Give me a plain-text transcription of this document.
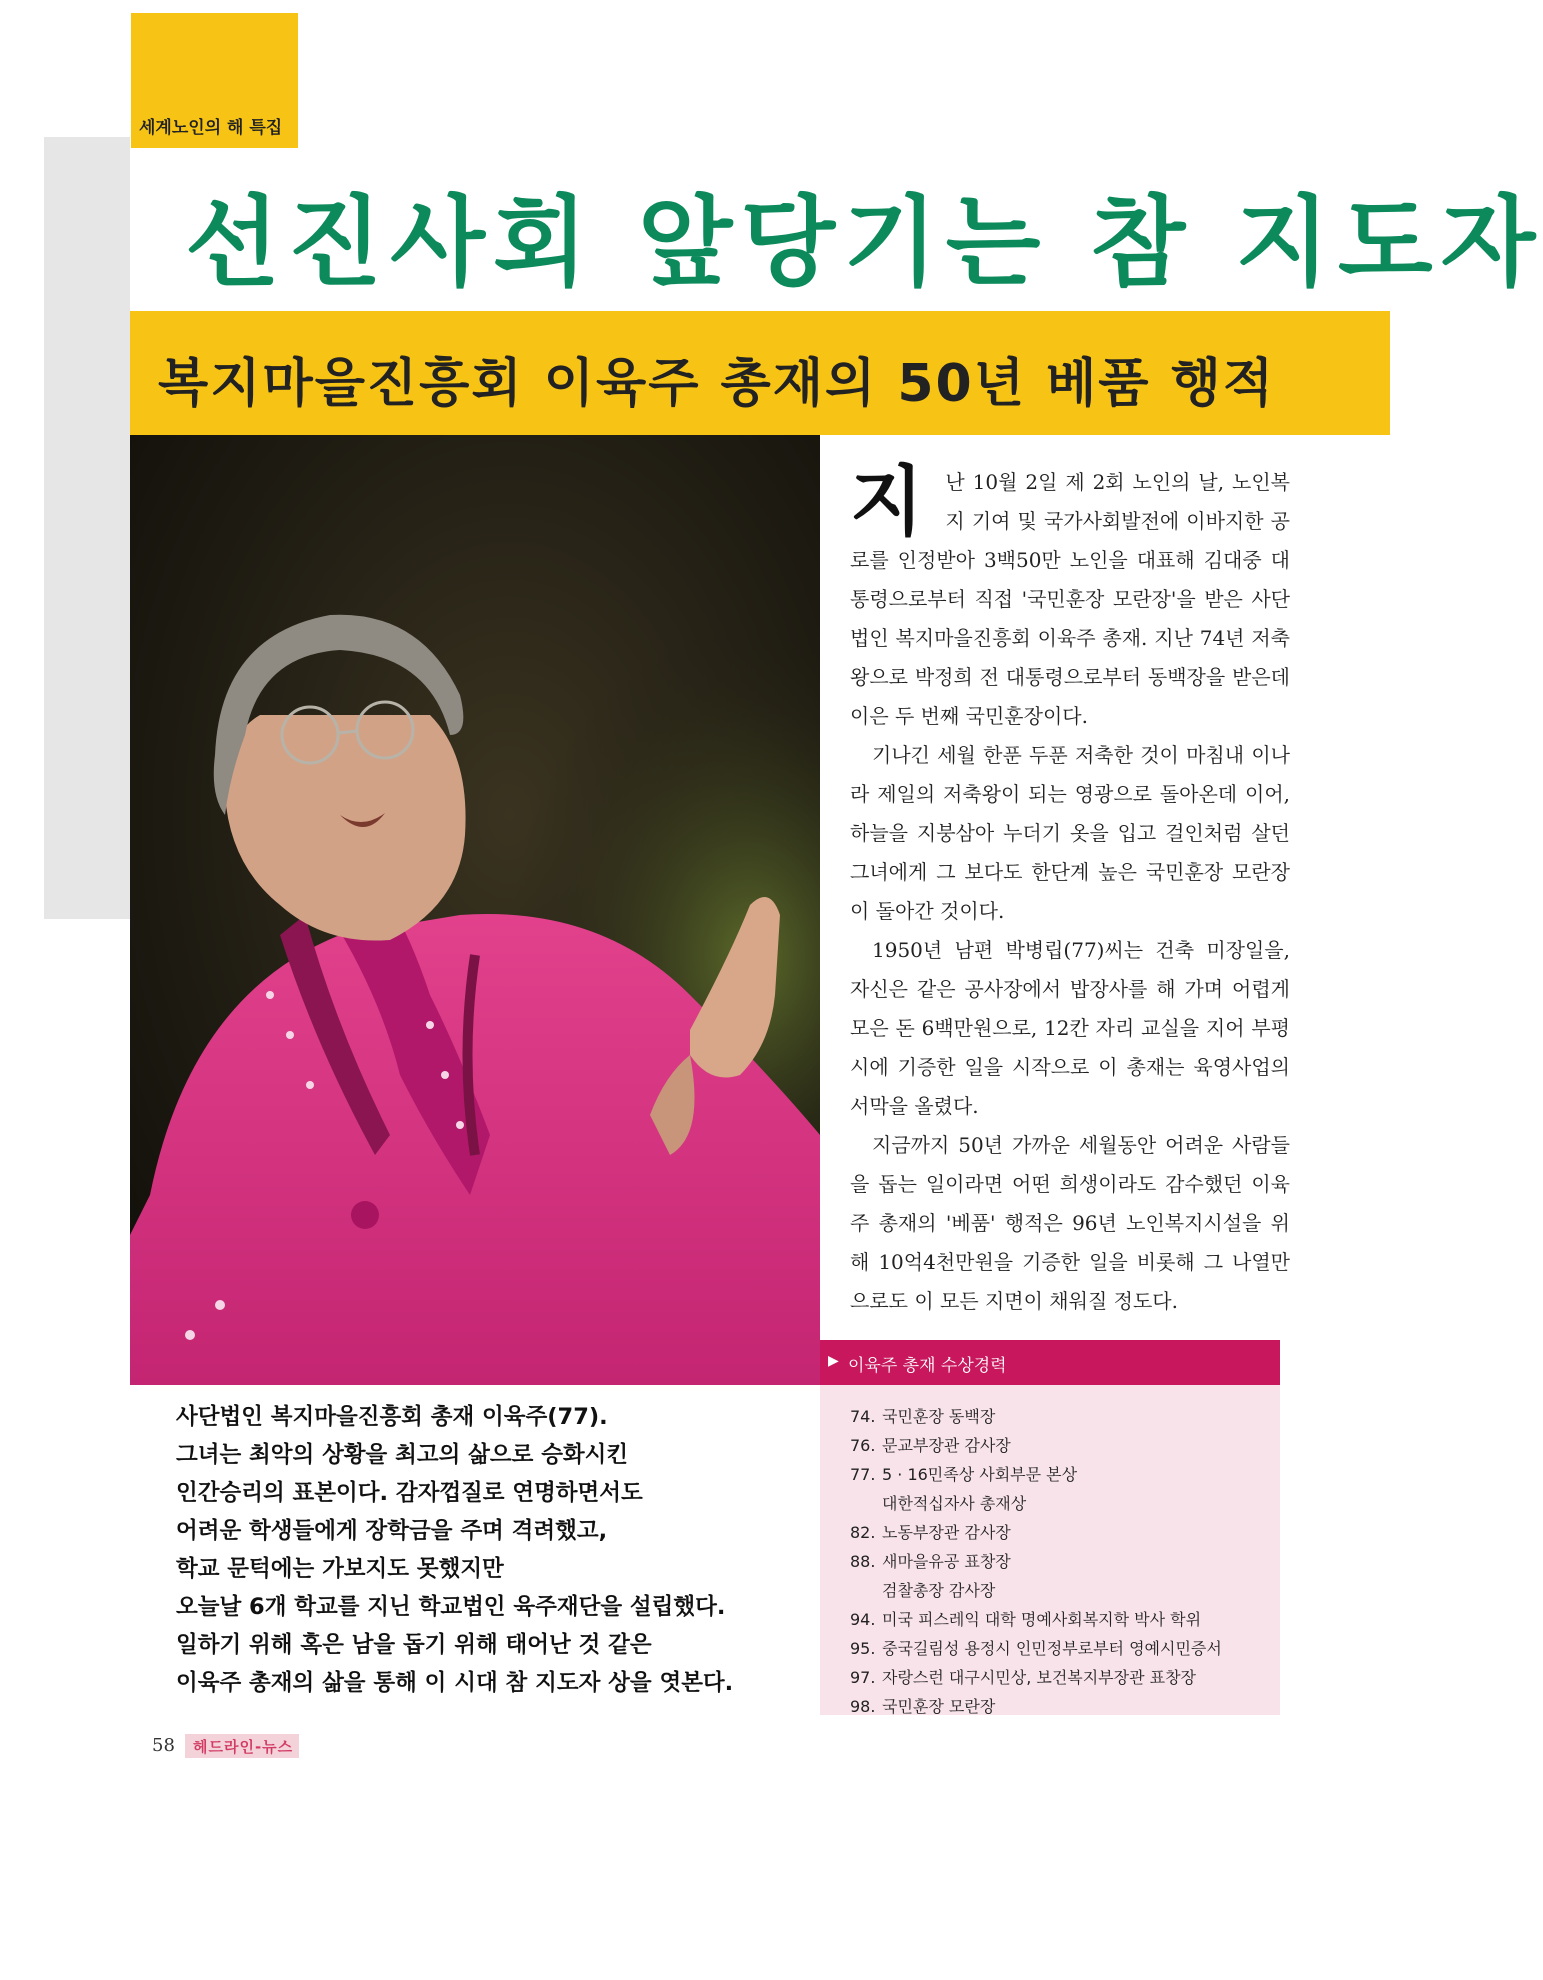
세계노인의 해 특집
선진사회 앞당기는 참 지도자
복지마을진흥회 이육주 총재의 50년 베품 행적

지 난 10월 2일 제 2회 노인의 날, 노인복지 기여 및 국가사회발전에 이바지한 공로를 인정받아 3백50만 노인을 대표해 김대중 대통령으로부터 직접 '국민훈장 모란장'을 받은 사단법인 복지마을진흥회 이육주 총재. 지난 74년 저축왕으로 박정희 전 대통령으로부터 동백장을 받은데 이은 두 번째 국민훈장이다.

기나긴 세월 한푼 두푼 저축한 것이 마침내 이나라 제일의 저축왕이 되는 영광으로 돌아온데 이어, 하늘을 지붕삼아 누더기 옷을 입고 걸인처럼 살던 그녀에게 그 보다도 한단계 높은 국민훈장 모란장이 돌아간 것이다.

1950년 남편 박병립(77)씨는 건축 미장일을, 자신은 같은 공사장에서 밥장사를 해 가며 어렵게 모은 돈 6백만원으로, 12칸 자리 교실을 지어 부평시에 기증한 일을 시작으로 이 총재는 육영사업의 서막을 올렸다.

지금까지 50년 가까운 세월동안 어려운 사람들을 돕는 일이라면 어떤 희생이라도 감수했던 이육주 총재의 '베품' 행적은 96년 노인복지시설을 위해 10억4천만원을 기증한 일을 비롯해 그 나열만으로도 이 모든 지면이 채워질 정도다.

사단법인 복지마을진흥회 총재 이육주(77).
그녀는 최악의 상황을 최고의 삶으로 승화시킨
인간승리의 표본이다. 감자껍질로 연명하면서도
어려운 학생들에게 장학금을 주며 격려했고,
학교 문턱에는 가보지도 못했지만
오늘날 6개 학교를 지닌 학교법인 육주재단을 설립했다.
일하기 위해 혹은 남을 돕기 위해 태어난 것 같은
이육주 총재의 삶을 통해 이 시대 참 지도자 상을 엿본다.
▶ 이육주 총재 수상경력
74. 국민훈장 동백장
76. 문교부장관 감사장
77. 5 · 16민족상 사회부문 본상
대한적십자사 총재상
82. 노동부장관 감사장
88. 새마을유공 표창장
검찰총장 감사장
94. 미국 피스레익 대학 명예사회복지학 박사 학위
95. 중국길림성 용정시 인민정부로부터 영예시민증서
97. 자랑스런 대구시민상, 보건복지부장관 표창장
98. 국민훈장 모란장
58 헤드라인-뉴스
